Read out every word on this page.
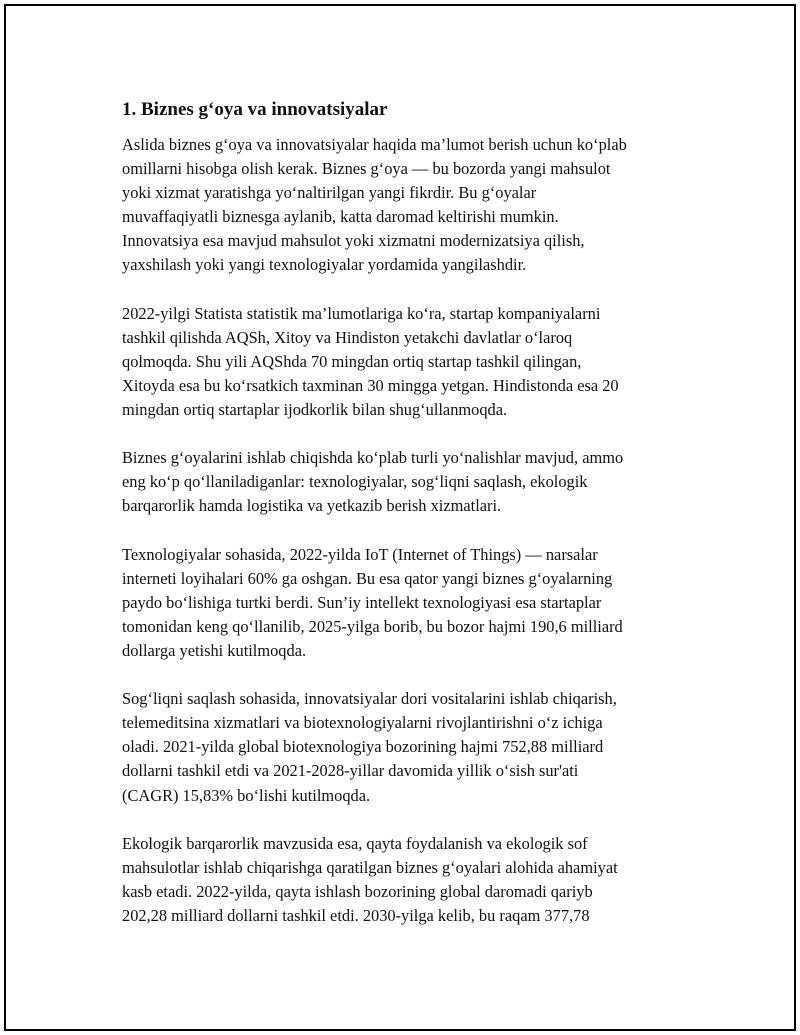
1. Biznes g‘oya va innovatsiyalar

Aslida biznes g‘oya va innovatsiyalar haqida ma’lumot berish uchun ko‘plab
omillarni hisobga olish kerak. Biznes g‘oya — bu bozorda yangi mahsulot
yoki xizmat yaratishga yo‘naltirilgan yangi fikrdir. Bu g‘oyalar
muvaffaqiyatli biznesga aylanib, katta daromad keltirishi mumkin.
Innovatsiya esa mavjud mahsulot yoki xizmatni modernizatsiya qilish,
yaxshilash yoki yangi texnologiyalar yordamida yangilashdir.

2022-yilgi Statista statistik ma’lumotlariga ko‘ra, startap kompaniyalarni
tashkil qilishda AQSh, Xitoy va Hindiston yetakchi davlatlar o‘laroq
qolmoqda. Shu yili AQShda 70 mingdan ortiq startap tashkil qilingan,
Xitoyda esa bu ko‘rsatkich taxminan 30 mingga yetgan. Hindistonda esa 20
mingdan ortiq startaplar ijodkorlik bilan shug‘ullanmoqda.

Biznes g‘oyalarini ishlab chiqishda ko‘plab turli yo‘nalishlar mavjud, ammo
eng ko‘p qo‘llaniladiganlar: texnologiyalar, sog‘liqni saqlash, ekologik
barqarorlik hamda logistika va yetkazib berish xizmatlari.

Texnologiyalar sohasida, 2022-yilda IoT (Internet of Things) — narsalar
interneti loyihalari 60% ga oshgan. Bu esa qator yangi biznes g‘oyalarning
paydo bo‘lishiga turtki berdi. Sun’iy intellekt texnologiyasi esa startaplar
tomonidan keng qo‘llanilib, 2025-yilga borib, bu bozor hajmi 190,6 milliard
dollarga yetishi kutilmoqda.

Sog‘liqni saqlash sohasida, innovatsiyalar dori vositalarini ishlab chiqarish,
telemeditsina xizmatlari va biotexnologiyalarni rivojlantirishni o‘z ichiga
oladi. 2021-yilda global biotexnologiya bozorining hajmi 752,88 milliard
dollarni tashkil etdi va 2021-2028-yillar davomida yillik o‘sish sur'ati
(CAGR) 15,83% bo‘lishi kutilmoqda.

Ekologik barqarorlik mavzusida esa, qayta foydalanish va ekologik sof
mahsulotlar ishlab chiqarishga qaratilgan biznes g‘oyalari alohida ahamiyat
kasb etadi. 2022-yilda, qayta ishlash bozorining global daromadi qariyb
202,28 milliard dollarni tashkil etdi. 2030-yilga kelib, bu raqam 377,78
